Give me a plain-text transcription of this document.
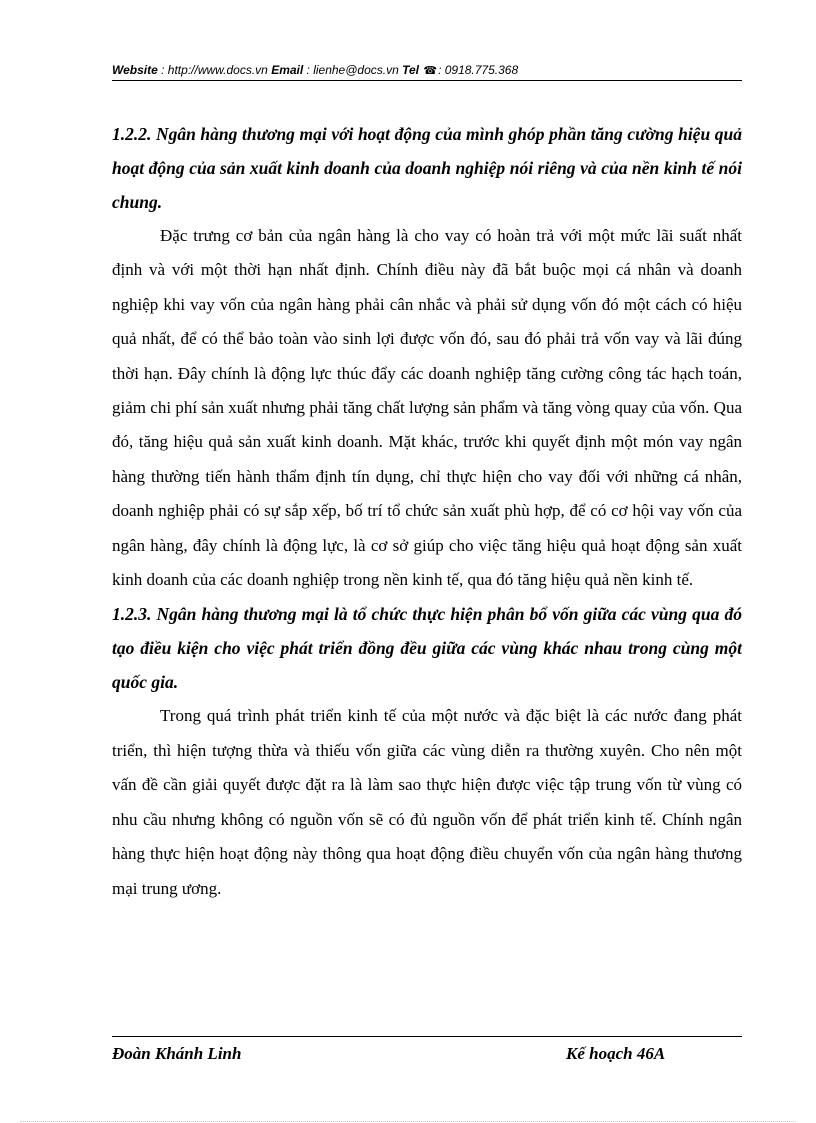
Website : http://www.docs.vn Email : lienhe@docs.vn Tel ☎: 0918.775.368
1.2.2. Ngân hàng thương mại với hoạt động của mình ghóp phần tăng cường hiệu quả hoạt động của sản xuất kinh doanh của doanh nghiệp nói riêng và của nền kinh tế nói chung.

Đặc trưng cơ bản của ngân hàng là cho vay có hoàn trả với một mức lãi suất nhất định và với một thời hạn nhất định. Chính điều này đã bắt buộc mọi cá nhân và doanh nghiệp khi vay vốn của ngân hàng phải cân nhắc và phải sử dụng vốn đó một cách có hiệu quả nhất, để có thể bảo toàn vào sinh lợi được vốn đó, sau đó phải trả vốn vay và lãi đúng thời hạn. Đây chính là động lực thúc đẩy các doanh nghiệp tăng cường công tác hạch toán, giảm chi phí sản xuất nhưng phải tăng chất lượng sản phẩm và tăng vòng quay của vốn. Qua đó, tăng hiệu quả sản xuất kinh doanh. Mặt khác, trước khi quyết định một món vay ngân hàng thường tiến hành thẩm định tín dụng, chỉ thực hiện cho vay đối với những cá nhân, doanh nghiệp phải có sự sắp xếp, bố trí tổ chức sản xuất phù hợp, để có cơ hội vay vốn của ngân hàng, đây chính là động lực, là cơ sở giúp cho việc tăng hiệu quả hoạt động sản xuất kinh doanh của các doanh nghiệp trong nền kinh tế, qua đó tăng hiệu quả nền kinh tế.

1.2.3. Ngân hàng thương mại là tổ chức thực hiện phân bổ vốn giữa các vùng qua đó tạo điều kiện cho việc phát triển đồng đều giữa các vùng khác nhau trong cùng một quốc gia.

Trong quá trình phát triển kinh tế của một nước và đặc biệt là các nước đang phát triển, thì hiện tượng thừa và thiếu vốn giữa các vùng diễn ra thường xuyên. Cho nên một vấn đề cần giải quyết được đặt ra là làm sao thực hiện được việc tập trung vốn từ vùng có nhu cầu nhưng không có nguồn vốn sẽ có đủ nguồn vốn để phát triển kinh tế. Chính ngân hàng thực hiện hoạt động này thông qua hoạt động điều chuyển vốn của ngân hàng thương mại trung ương.

Đoàn Khánh Linh	Kế hoạch 46A
